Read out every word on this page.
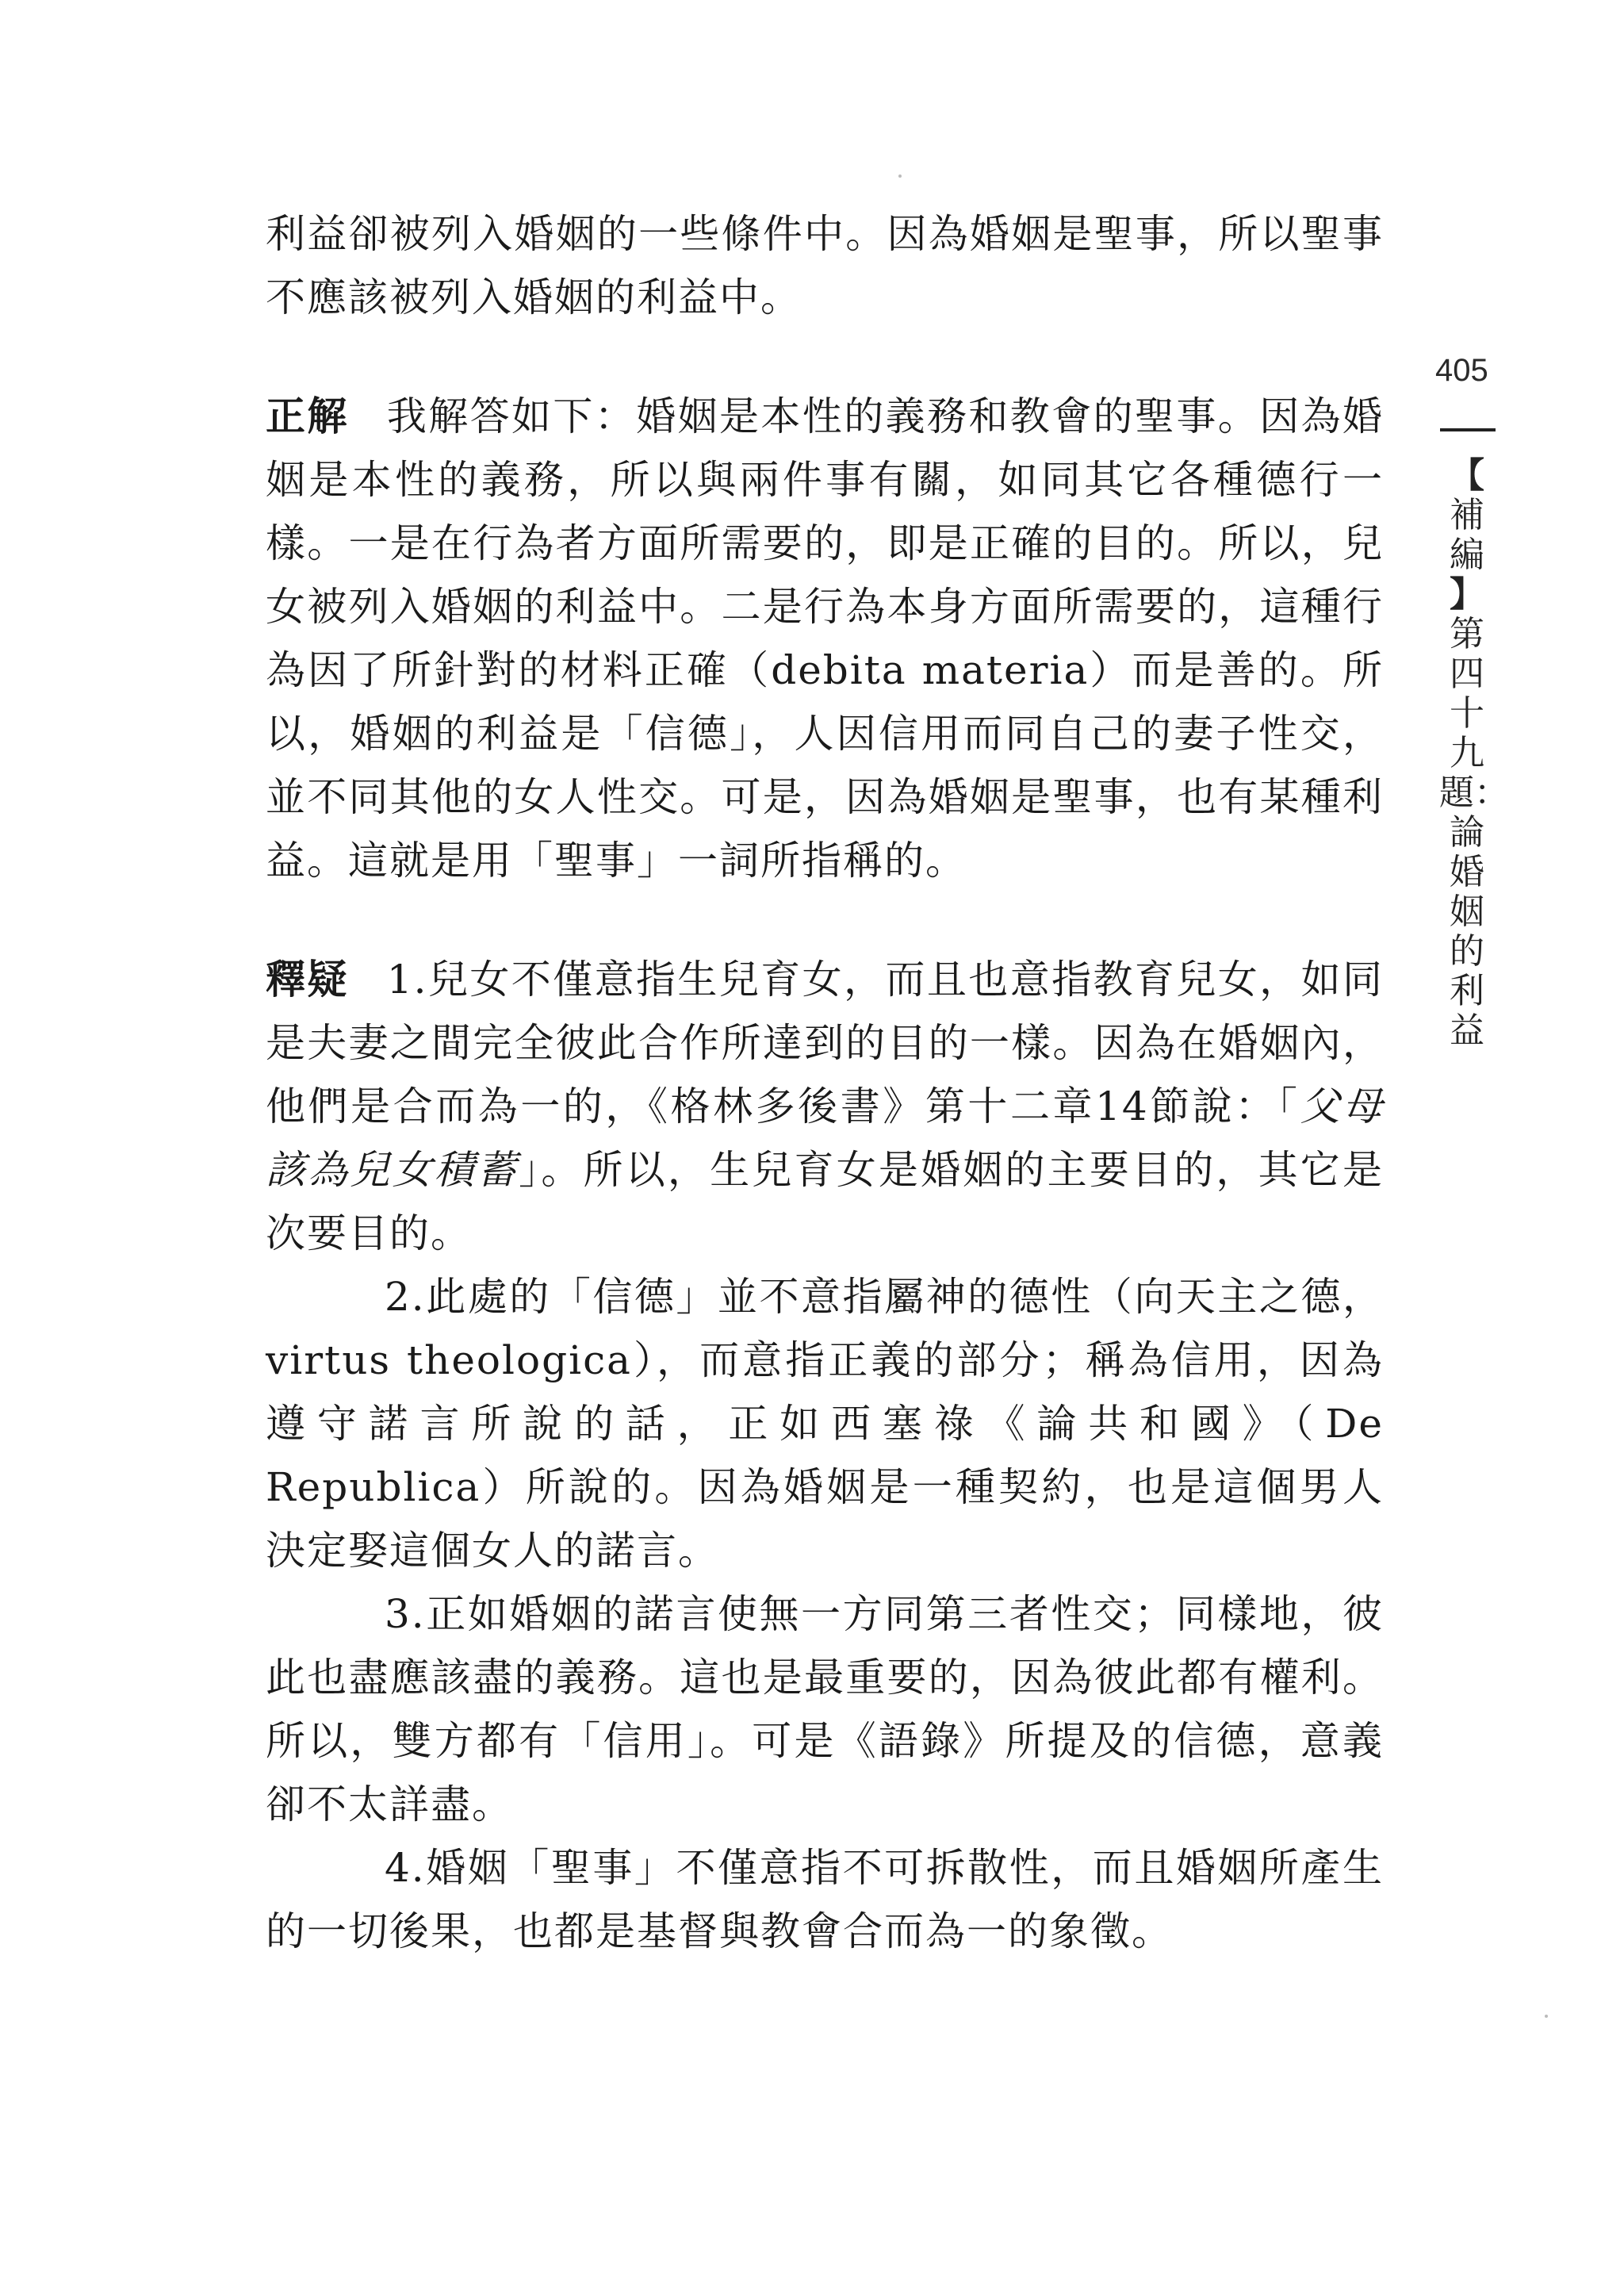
405
【
補編
】
第四十九題：論婚姻的利益

利益卻被列入婚姻的一些條件中。因為婚姻是聖事，所以聖事不應該被列入婚姻的利益中。

正解 我解答如下：婚姻是本性的義務和教會的聖事。因為婚姻是本性的義務，所以與兩件事有關，如同其它各種德行一樣。一是在行為者方面所需要的，即是正確的目的。所以，兒女被列入婚姻的利益中。二是行為本身方面所需要的，這種行為因了所針對的材料正確（debita materia）而是善的。所以，婚姻的利益是「信德」，人因信用而同自己的妻子性交，並不同其他的女人性交。可是，因為婚姻是聖事，也有某種利益。這就是用「聖事」一詞所指稱的。

釋疑 1.兒女不僅意指生兒育女，而且也意指教育兒女，如同是夫妻之間完全彼此合作所達到的目的一樣。因為在婚姻內，他們是合而為一的，《格林多後書》第十二章14節說：「父母該為兒女積蓄」。所以，生兒育女是婚姻的主要目的，其它是次要目的。

2.此處的「信德」並不意指屬神的德性（向天主之德，virtus theologica），而意指正義的部分；稱為信用，因為遵守諾言所說的話，正如西塞祿《論共和國》（De Republica）所說的。因為婚姻是一種契約，也是這個男人決定娶這個女人的諾言。

3.正如婚姻的諾言使無一方同第三者性交；同樣地，彼此也盡應該盡的義務。這也是最重要的，因為彼此都有權利。所以，雙方都有「信用」。可是《語錄》所提及的信德，意義卻不太詳盡。

4.婚姻「聖事」不僅意指不可拆散性，而且婚姻所產生的一切後果，也都是基督與教會合而為一的象徵。
